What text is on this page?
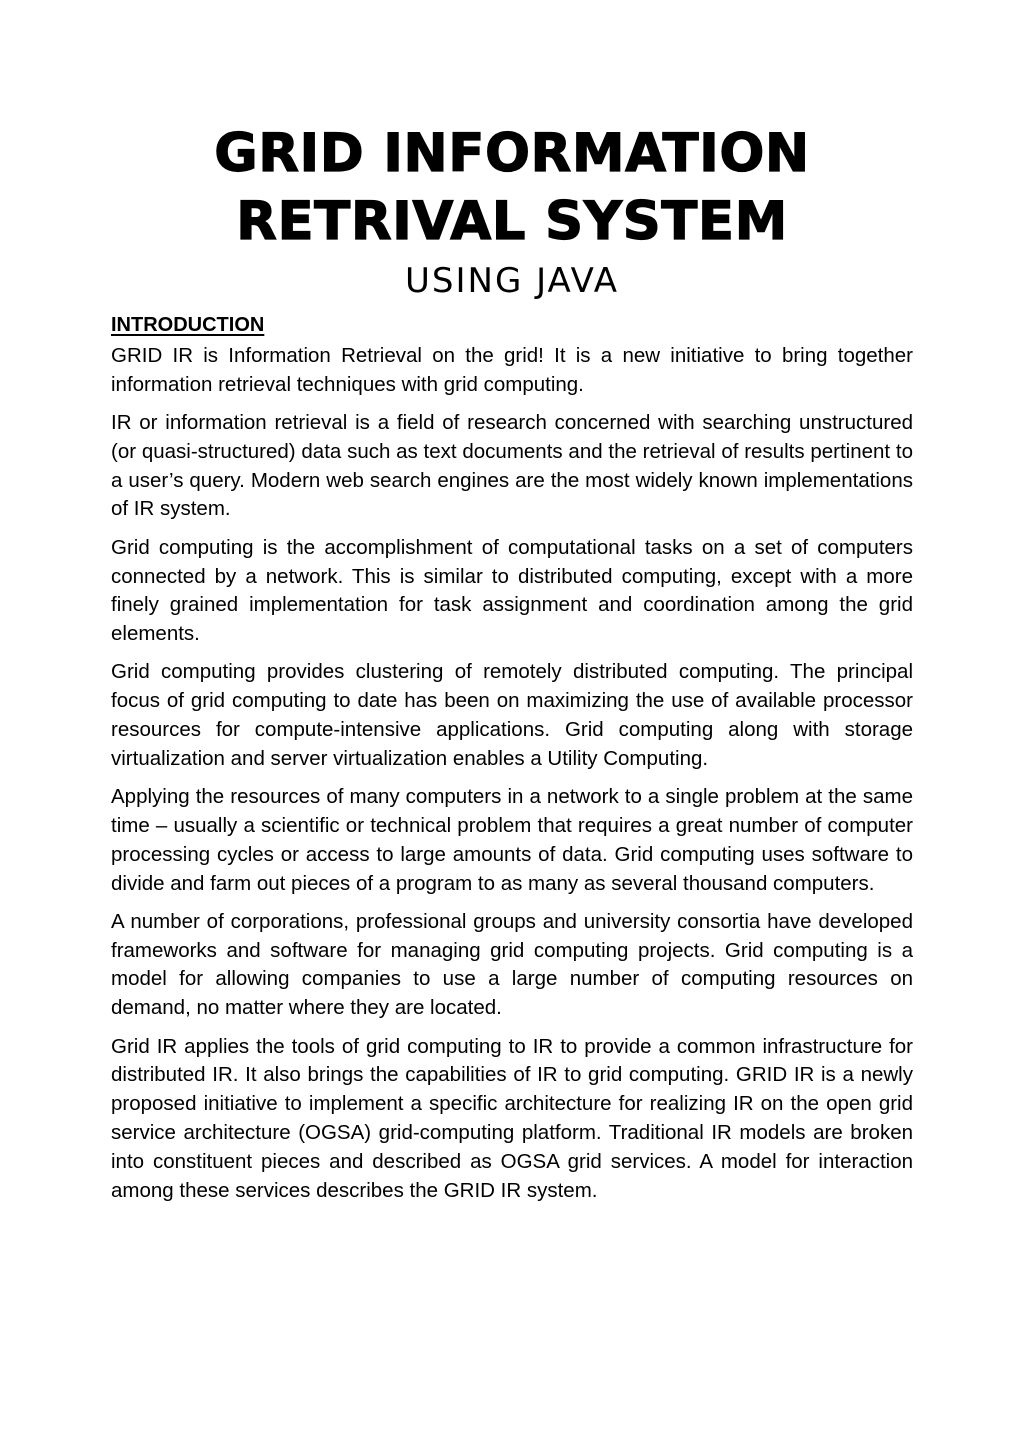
GRID INFORMATION
RETRIVAL SYSTEM
USING JAVA
INTRODUCTION

GRID IR is Information Retrieval on the grid! It is a new initiative to bring together information retrieval techniques with grid computing.

IR or information retrieval is a field of research concerned with searching unstructured (or quasi-structured) data such as text documents and the retrieval of results pertinent to a user’s query. Modern web search engines are the most widely known implementations of IR system.

Grid computing is the accomplishment of computational tasks on a set of computers connected by a network. This is similar to distributed computing, except with a more finely grained implementation for task assignment and coordination among the grid elements.

Grid computing provides clustering of remotely distributed computing. The principal focus of grid computing to date has been on maximizing the use of available processor resources for compute-intensive applications. Grid computing along with storage virtualization and server virtualization enables a Utility Computing.

Applying the resources of many computers in a network to a single problem at the same time – usually a scientific or technical problem that requires a great number of computer processing cycles or access to large amounts of data. Grid computing uses software to divide and farm out pieces of a program to as many as several thousand computers.

A number of corporations, professional groups and university consortia have developed frameworks and software for managing grid computing projects. Grid computing is a model for allowing companies to use a large number of computing resources on demand, no matter where they are located.

Grid IR applies the tools of grid computing to IR to provide a common infrastructure for distributed IR. It also brings the capabilities of IR to grid computing. GRID IR is a newly proposed initiative to implement a specific architecture for realizing IR on the open grid service architecture (OGSA) grid-computing platform. Traditional IR models are broken into constituent pieces and described as OGSA grid services. A model for interaction among these services describes the GRID IR system.
